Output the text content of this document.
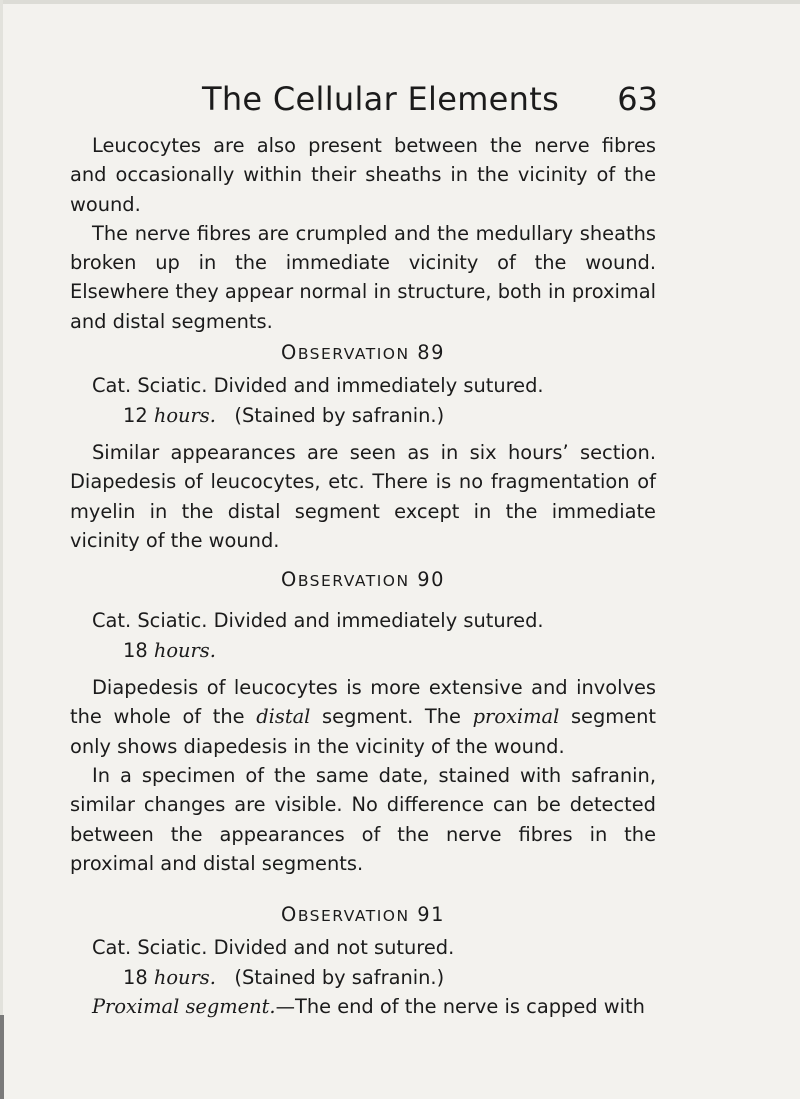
The Cellular Elements 63

Leucocytes are also present between the nerve fibres and occasionally within their sheaths in the vicinity of the wound.

The nerve fibres are crumpled and the medullary sheaths broken up in the immediate vicinity of the wound. Elsewhere they appear normal in structure, both in proximal and distal segments.

OBSERVATION 89

Cat. Sciatic. Divided and immediately sutured.

12 hours. (Stained by safranin.)

Similar appearances are seen as in six hours’ section. Diapedesis of leucocytes, etc. There is no fragmentation of myelin in the distal segment except in the immediate vicinity of the wound.

OBSERVATION 90

Cat. Sciatic. Divided and immediately sutured.

18 hours.

Diapedesis of leucocytes is more extensive and involves the whole of the distal segment. The proximal segment only shows diapedesis in the vicinity of the wound.

In a specimen of the same date, stained with safranin, similar changes are visible. No difference can be detected between the appearances of the nerve fibres in the proximal and distal segments.

OBSERVATION 91

Cat. Sciatic. Divided and not sutured.

18 hours. (Stained by safranin.)

Proximal segment.—The end of the nerve is capped with
